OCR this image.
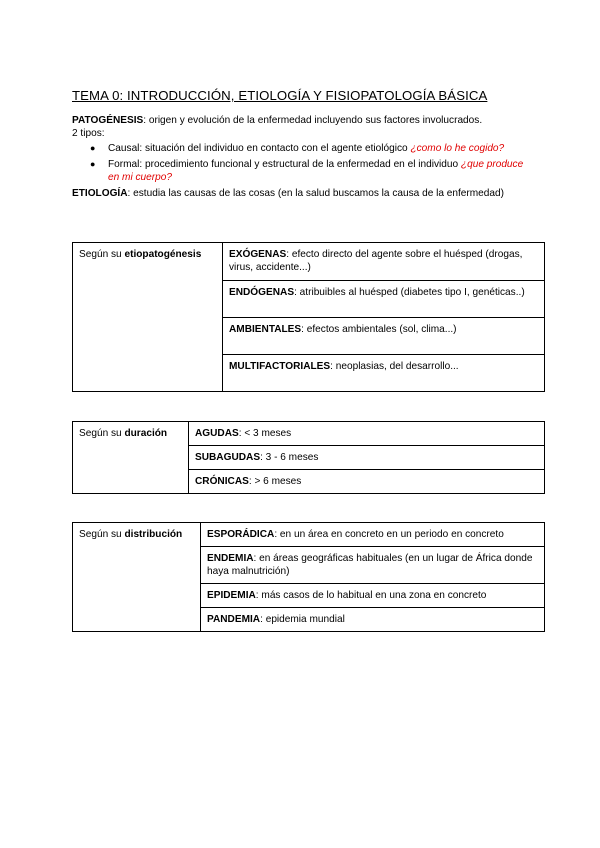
TEMA 0: INTRODUCCIÓN, ETIOLOGÍA Y FISIOPATOLOGÍA BÁSICA

PATOGÉNESIS: origen y evolución de la enfermedad incluyendo sus factores involucrados.

2 tipos:

● Causal: situación del individuo en contacto con el agente etiológico ¿como lo he cogido?
● Formal: procedimiento funcional y estructural de la enfermedad en el individuo ¿que produce en mi cuerpo?

ETIOLOGÍA: estudia las causas de las cosas (en la salud buscamos la causa de la enfermedad)

Según su etiopatogénesis	EXÓGENAS: efecto directo del agente sobre el huésped (drogas, virus, accidente...)
ENDÓGENAS: atribuibles al huésped (diabetes tipo I, genéticas..)
AMBIENTALES: efectos ambientales (sol, clima...)
MULTIFACTORIALES: neoplasias, del desarrollo...
Según su duración	AGUDAS: < 3 meses
SUBAGUDAS: 3 - 6 meses
CRÓNICAS: > 6 meses
Según su distribución	ESPORÁDICA: en un área en concreto en un periodo en concreto
ENDEMIA: en áreas geográficas habituales (en un lugar de África donde haya malnutrición)
EPIDEMIA: más casos de lo habitual en una zona en concreto
PANDEMIA: epidemia mundial
